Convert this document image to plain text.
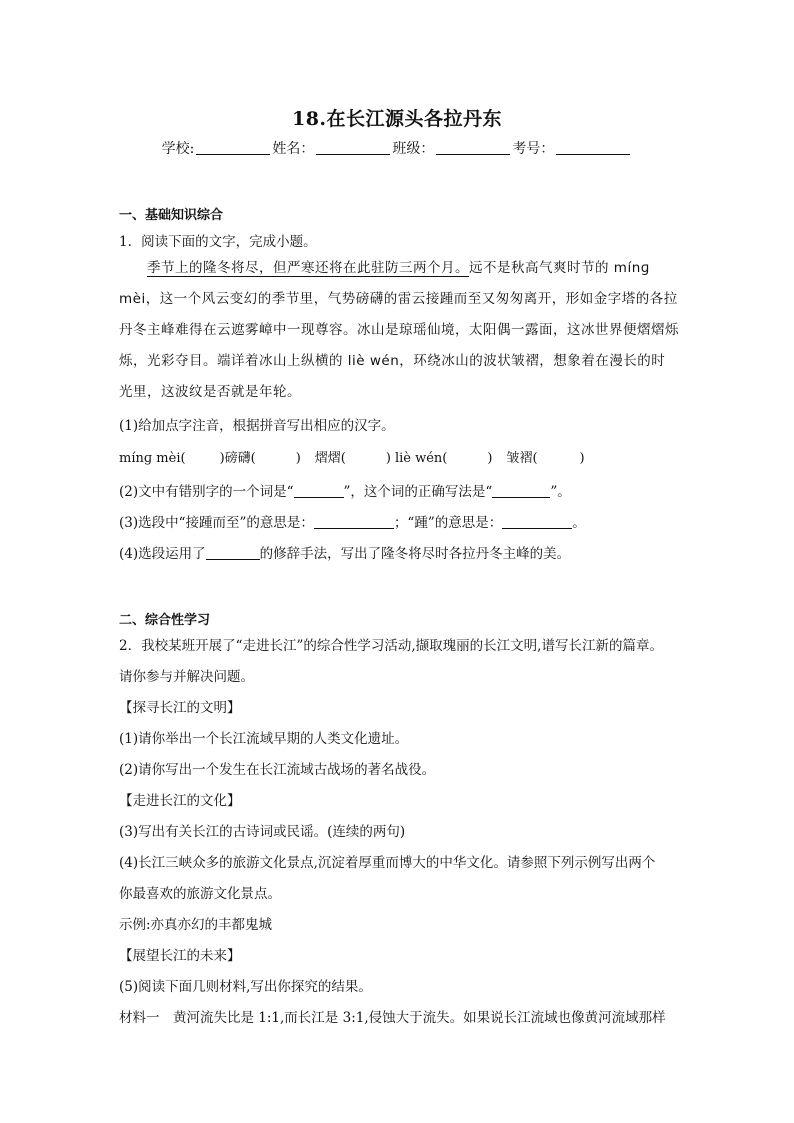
18.在长江源头各拉丹东
学校:	姓名：	班级：	考号：
一、基础知识综合
1．阅读下面的文字，完成小题。
季节上的隆冬将尽，但严寒还将在此驻防三两个月。远不是秋高气爽时节的 mínɡ
mèi，这一个风云变幻的季节里，气势磅礴的雷云接踵而至又匆匆离开，形如金字塔的各拉
丹冬主峰难得在云遮雾嶂中一现尊容。冰山是琼瑶仙境，太阳偶一露面，这冰世界便熠熠烁
烁，光彩夺目。端详着冰山上纵横的 liè wén，环绕冰山的波状皱褶，想象着在漫长的时
光里，这波纹是否就是年轮。
(1)给加点字注音，根据拼音写出相应的汉字。
mínɡ mèi(	)磅礴(	) 熠熠(	) liè wén(	) 皱褶(	)
(2)文中有错别字的一个词是“	”，这个词的正确写法是“	”。
(3)选段中“接踵而至”的意思是：	；“踵”的意思是：	。
(4)选段运用了	的修辞手法，写出了隆冬将尽时各拉丹冬主峰的美。
二、综合性学习
2．我校某班开展了“走进长江”的综合性学习活动,撷取瑰丽的长江文明,谱写长江新的篇章。
请你参与并解决问题。
【探寻长江的文明】
(1)请你举出一个长江流域早期的人类文化遗址。
(2)请你写出一个发生在长江流域古战场的著名战役。
【走进长江的文化】
(3)写出有关长江的古诗词或民谣。(连续的两句)
(4)长江三峡众多的旅游文化景点,沉淀着厚重而博大的中华文化。请参照下列示例写出两个
你最喜欢的旅游文化景点。
示例:亦真亦幻的丰都鬼城
【展望长江的未来】
(5)阅读下面几则材料,写出你探究的结果。
材料一　黄河流失比是 1:1,而长江是 3:1,侵蚀大于流失。如果说长江流域也像黄河流域那样
